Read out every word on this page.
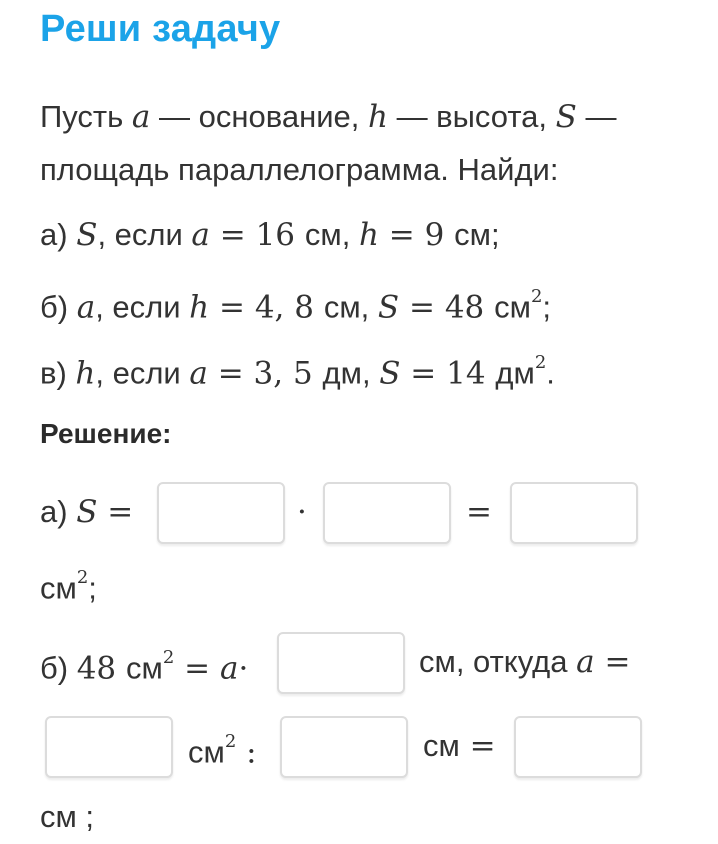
Реши задачу
Пусть a — основание, h — высота, S —
площадь параллелограмма. Найди:
а) S, если a = 16 см, h = 9 см;
б) a, если h = 4, 8 см, S = 48 $см^2$;
в) h, если a = 3, 5 дм, S = 14 $дм^2$.
Решение:
а) S =	·	=
$см^2$;
б) 48 $см^2 = a\cdot$	см, откуда a =
$см^2$ :	см =
см ;
